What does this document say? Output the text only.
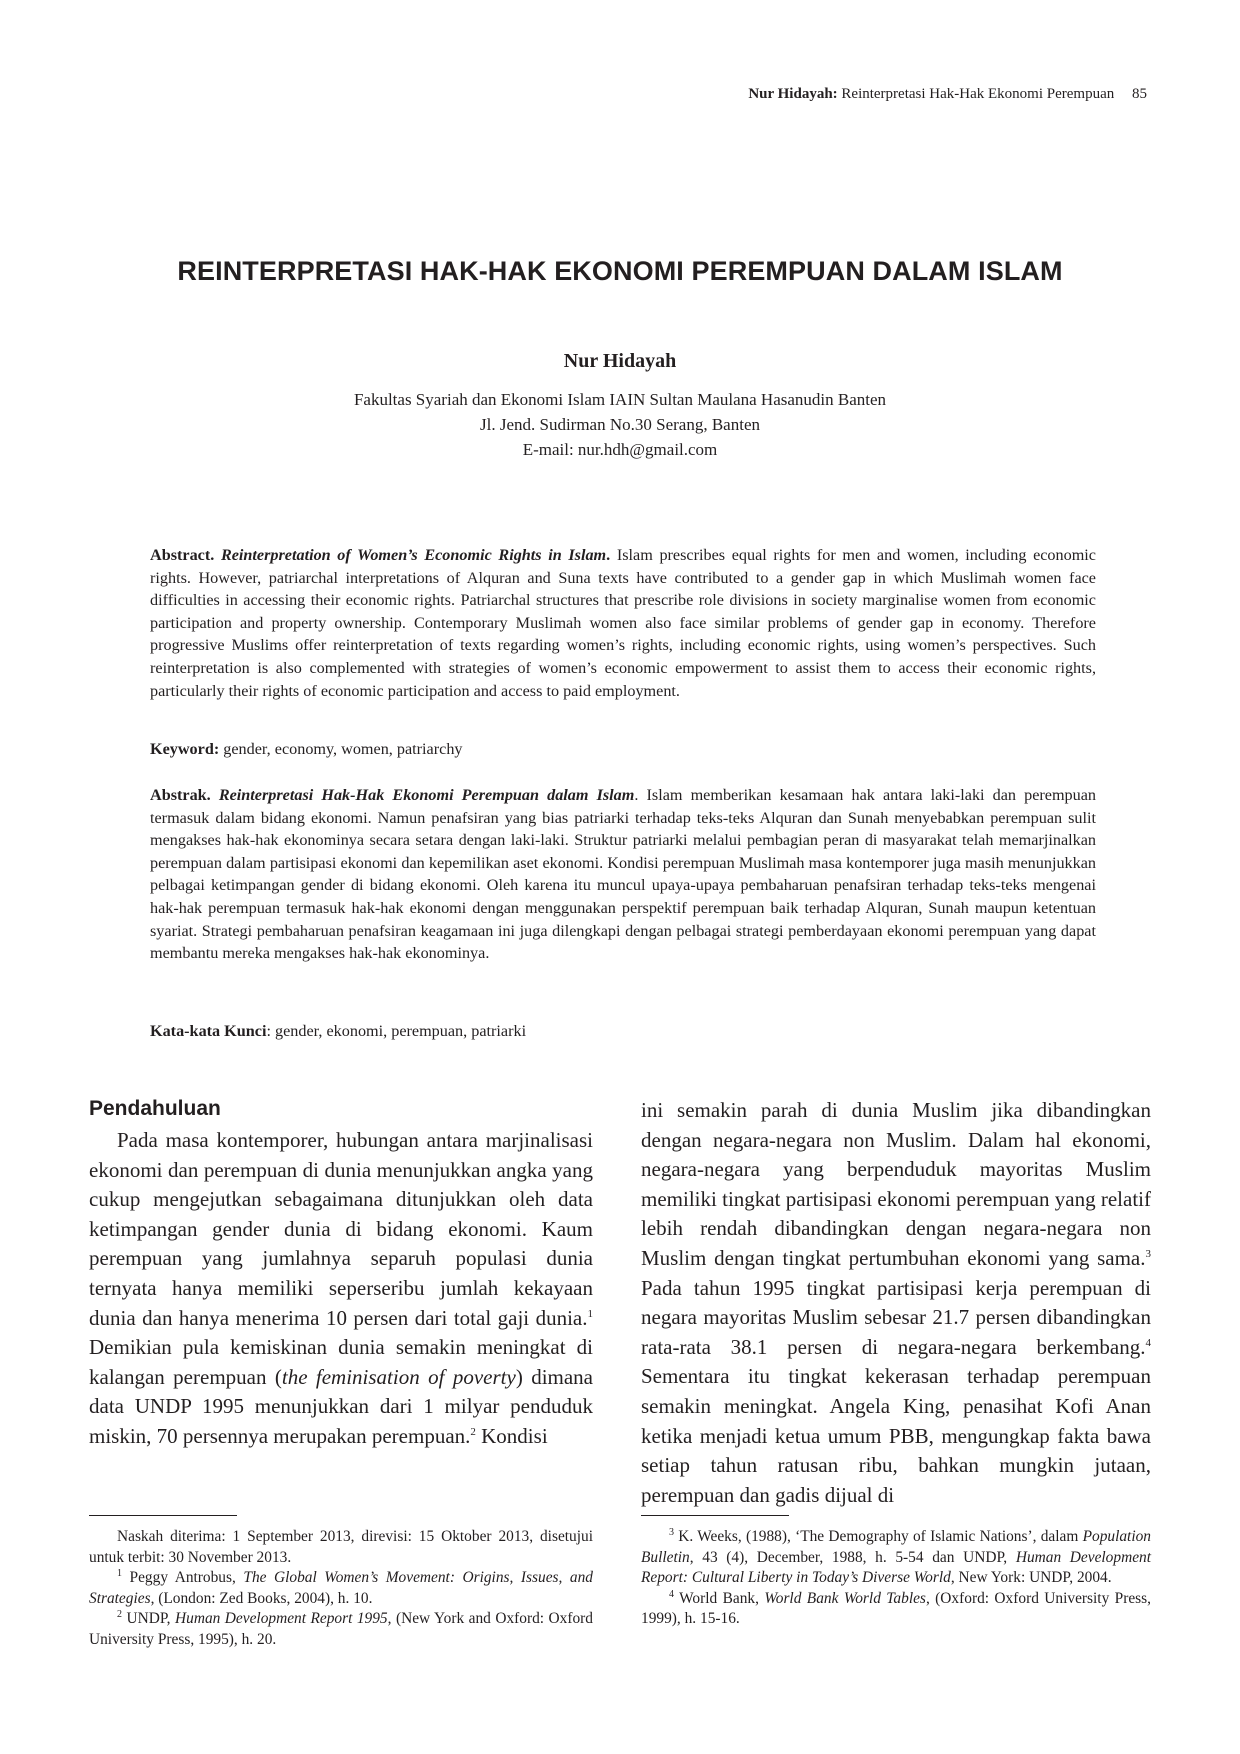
Nur Hidayah: Reinterpretasi Hak-Hak Ekonomi Perempuan 85
REINTERPRETASI HAK-HAK EKONOMI PEREMPUAN DALAM ISLAM

Nur Hidayah

Fakultas Syariah dan Ekonomi Islam IAIN Sultan Maulana Hasanudin Banten
Jl. Jend. Sudirman No.30 Serang, Banten
E-mail: nur.hdh@gmail.com

Abstract. Reinterpretation of Women’s Economic Rights in Islam. Islam prescribes equal rights for men and women, including economic rights. However, patriarchal interpretations of Alquran and Suna texts have contributed to a gender gap in which Muslimah women face difficulties in accessing their economic rights. Patriarchal structures that prescribe role divisions in society marginalise women from economic participation and property ownership. Contemporary Muslimah women also face similar problems of gender gap in economy. Therefore progressive Muslims offer reinterpretation of texts regarding women’s rights, including economic rights, using women’s perspectives. Such reinterpretation is also complemented with strategies of women’s economic empowerment to assist them to access their economic rights, particularly their rights of economic participation and access to paid employment.

Keyword: gender, economy, women, patriarchy

Abstrak. Reinterpretasi Hak-Hak Ekonomi Perempuan dalam Islam. Islam memberikan kesamaan hak antara laki-laki dan perempuan termasuk dalam bidang ekonomi. Namun penafsiran yang bias patriarki terhadap teks-teks Alquran dan Sunah menyebabkan perempuan sulit mengakses hak-hak ekonominya secara setara dengan laki-laki. Struktur patriarki melalui pembagian peran di masyarakat telah memarjinalkan perempuan dalam partisipasi ekonomi dan kepemilikan aset ekonomi. Kondisi perempuan Muslimah masa kontemporer juga masih menunjukkan pelbagai ketimpangan gender di bidang ekonomi. Oleh karena itu muncul upaya-upaya pembaharuan penafsiran terhadap teks-teks mengenai hak-hak perempuan termasuk hak-hak ekonomi dengan menggunakan perspektif perempuan baik terhadap Alquran, Sunah maupun ketentuan syariat. Strategi pembaharuan penafsiran keagamaan ini juga dilengkapi dengan pelbagai strategi pemberdayaan ekonomi perempuan yang dapat membantu mereka mengakses hak-hak ekonominya.

Kata-kata Kunci: gender, ekonomi, perempuan, patriarki

Pendahuluan

Pada masa kontemporer, hubungan antara marjinalisasi ekonomi dan perempuan di dunia menunjukkan angka yang cukup mengejutkan sebagaimana ditunjukkan oleh data ketimpangan gender dunia di bidang ekonomi. Kaum perempuan yang jumlahnya separuh populasi dunia ternyata hanya memiliki seperseribu jumlah kekayaan dunia dan hanya menerima 10 persen dari total gaji dunia.$^1$ Demikian pula kemiskinan dunia semakin meningkat di kalangan perempuan (the feminisation of poverty) dimana data UNDP 1995 menunjukkan dari 1 milyar penduduk miskin, 70 persennya merupakan perempuan.$^2$ Kondisi

ini semakin parah di dunia Muslim jika dibandingkan dengan negara-negara non Muslim. Dalam hal ekonomi, negara-negara yang berpenduduk mayoritas Muslim memiliki tingkat partisipasi ekonomi perempuan yang relatif lebih rendah dibandingkan dengan negara-negara non Muslim dengan tingkat pertumbuhan ekonomi yang sama.$^3$ Pada tahun 1995 tingkat partisipasi kerja perempuan di negara mayoritas Muslim sebesar 21.7 persen dibandingkan rata-rata 38.1 persen di negara-negara berkembang.$^4$ Sementara itu tingkat kekerasan terhadap perempuan semakin meningkat. Angela King, penasihat Kofi Anan ketika menjadi ketua umum PBB, mengungkap fakta bawa setiap tahun ratusan ribu, bahkan mungkin jutaan, perempuan dan gadis dijual di

Naskah diterima: 1 September 2013, direvisi: 15 Oktober 2013, disetujui untuk terbit: 30 November 2013.

$^1$ Peggy Antrobus, The Global Women’s Movement: Origins, Issues, and Strategies, (London: Zed Books, 2004), h. 10.

$^2$ UNDP, Human Development Report 1995, (New York and Oxford: Oxford University Press, 1995), h. 20.

$^3$ K. Weeks, (1988), ‘The Demography of Islamic Nations’, dalam Population Bulletin, 43 (4), December, 1988, h. 5-54 dan UNDP, Human Development Report: Cultural Liberty in Today’s Diverse World, New York: UNDP, 2004.

$^4$ World Bank, World Bank World Tables, (Oxford: Oxford University Press, 1999), h. 15-16.
